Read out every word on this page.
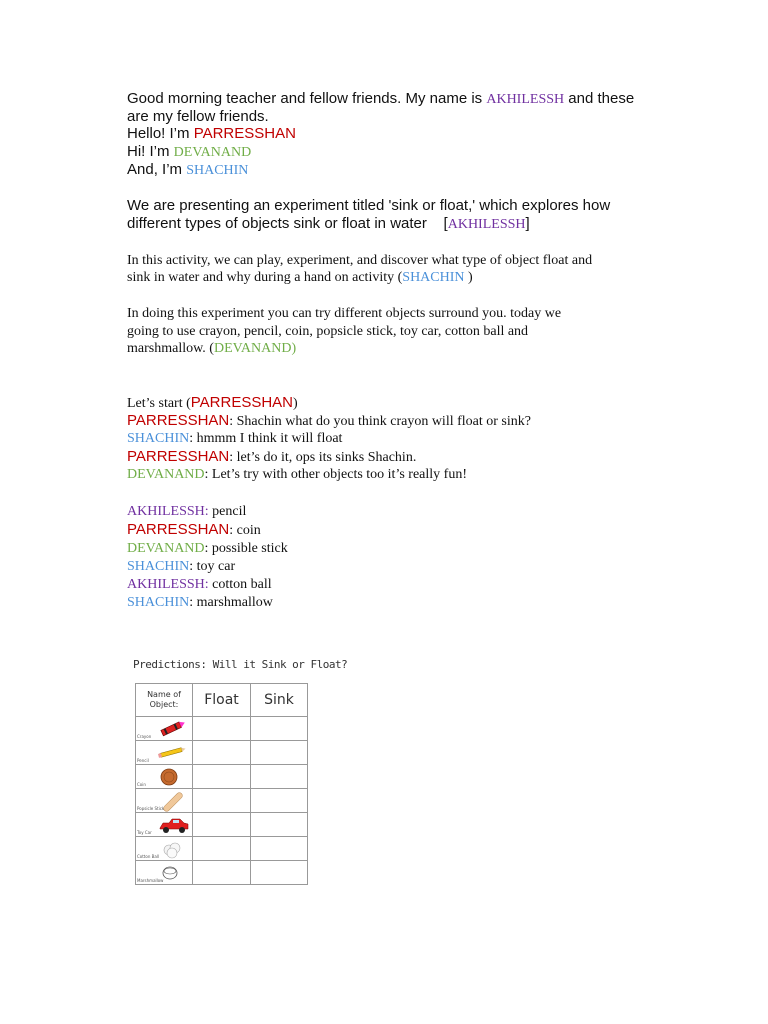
Good morning teacher and fellow friends. My name is AKHILESSH and these
are my fellow friends.
Hello! I’m PARRESSHAN
Hi! I’m DEVANAND
And, I’m SHACHIN
We are presenting an experiment titled 'sink or float,' which explores how
different types of objects sink or float in water    [AKHILESSH]
In this activity, we can play, experiment, and discover what type of object float and
sink in water and why during a hand on activity (SHACHIN )
In doing this experiment you can try different objects surround you. today we
going to use crayon, pencil, coin, popsicle stick, toy car, cotton ball and
marshmallow. (DEVANAND)
Let’s start (PARRESSHAN)
PARRESSHAN: Shachin what do you think crayon will float or sink?
SHACHIN: hmmm I think it will float
PARRESSHAN: let’s do it, ops its sinks Shachin.
DEVANAND: Let’s try with other objects too it’s really fun!
AKHILESSH: pencil
PARRESSHAN: coin
DEVANAND: possible stick
SHACHIN: toy car
AKHILESSH: cotton ball
SHACHIN: marshmallow
Predictions: Will it Sink or Float?
Name of Object:	Float	Sink

Crayon		

Pencil		

Coin		

Popsicle Stick		

Toy Car		

Cotton Ball		

Marshmallow		
